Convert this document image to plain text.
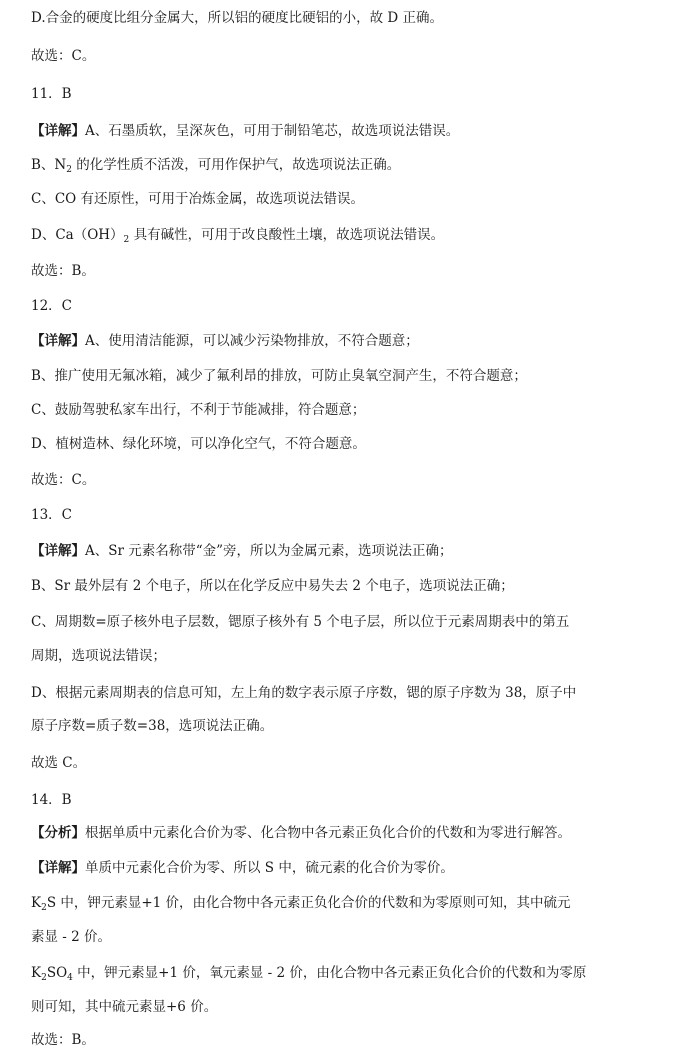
D.合金的硬度比组分金属大，所以铝的硬度比硬铝的小，故 D 正确。
故选：C。
11．B
【详解】A、石墨质软，呈深灰色，可用于制铅笔芯，故选项说法错误。
B、$N_2$ 的化学性质不活泼，可用作保护气，故选项说法正确。
C、CO 有还原性，可用于冶炼金属，故选项说法错误。
D、$Ca(OH)_2$ 具有碱性，可用于改良酸性土壤，故选项说法错误。
故选：B。
12．C
【详解】A、使用清洁能源，可以减少污染物排放，不符合题意；
B、推广使用无氟冰箱，减少了氟利昂的排放，可防止臭氧空洞产生，不符合题意；
C、鼓励驾驶私家车出行，不利于节能减排，符合题意；
D、植树造林、绿化环境，可以净化空气，不符合题意。
故选：C。
13．C
【详解】A、Sr 元素名称带“金”旁，所以为金属元素，选项说法正确；
B、Sr 最外层有 2 个电子，所以在化学反应中易失去 2 个电子，选项说法正确；
C、周期数=原子核外电子层数，锶原子核外有 5 个电子层，所以位于元素周期表中的第五
周期，选项说法错误；
D、根据元素周期表的信息可知，左上角的数字表示原子序数，锶的原子序数为 38，原子中
原子序数=质子数=38，选项说法正确。
故选 C。
14．B
【分析】根据单质中元素化合价为零、化合物中各元素正负化合价的代数和为零进行解答。
【详解】单质中元素化合价为零、所以 S 中，硫元素的化合价为零价。
$K_2S$ 中，钾元素显+1 价，由化合物中各元素正负化合价的代数和为零原则可知，其中硫元
素显 - 2 价。
$K_2SO_4$ 中，钾元素显+1 价，氧元素显 - 2 价，由化合物中各元素正负化合价的代数和为零原
则可知，其中硫元素显+6 价。
故选：B。
